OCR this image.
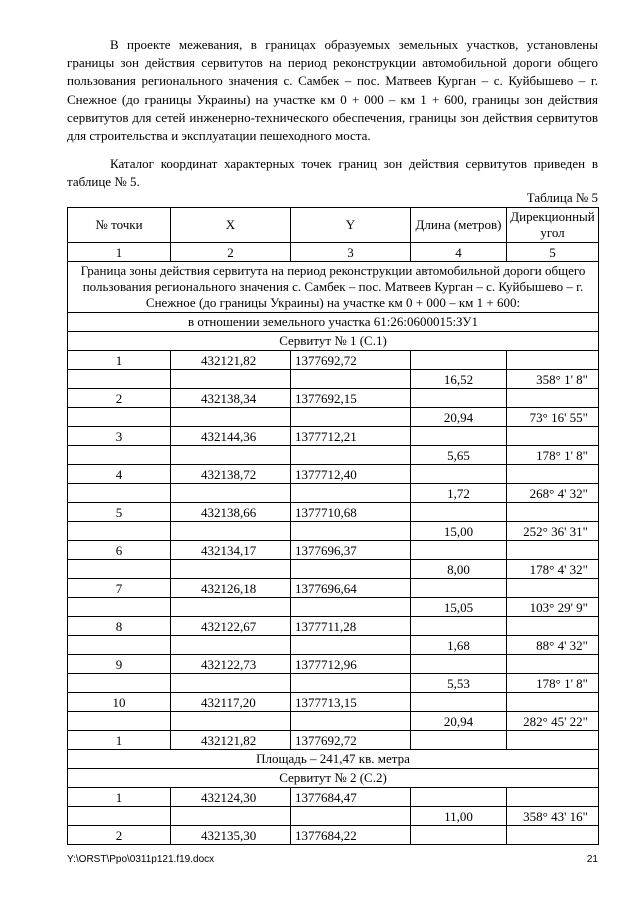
В проекте межевания, в границах образуемых земельных участков, установлены границы зон действия сервитутов на период реконструкции автомобильной дороги общего пользования регионального значения с. Самбек – пос. Матвеев Курган – с. Куйбышево – г. Снежное (до границы Украины) на участке км 0 + 000 – км 1 + 600, границы зон действия сервитутов для сетей инженерно-технического обеспечения, границы зон действия сервитутов для строительства и эксплуатации пешеходного моста.

Каталог координат характерных точек границ зон действия сервитутов приведен в таблице № 5.

Таблица № 5
№ точки	X	Y	Длина (метров)	Дирекционный угол
1	2	3	4	5
Граница зоны действия сервитута на период реконструкции автомобильной дороги общего пользования регионального значения с. Самбек – пос. Матвеев Курган – с. Куйбышево – г. Снежное (до границы Украины) на участке км 0 + 000 – км 1 + 600:				
в отношении земельного участка 61:26:0600015:ЗУ1				
Сервитут № 1 (С.1)				
1	432121,82	1377692,72		
			16,52	358° 1' 8"
2	432138,34	1377692,15		
			20,94	73° 16' 55"
3	432144,36	1377712,21		
			5,65	178° 1' 8"
4	432138,72	1377712,40		
			1,72	268° 4' 32"
5	432138,66	1377710,68		
			15,00	252° 36' 31"
6	432134,17	1377696,37		
			8,00	178° 4' 32"
7	432126,18	1377696,64		
			15,05	103° 29' 9"
8	432122,67	1377711,28		
			1,68	88° 4' 32"
9	432122,73	1377712,96		
			5,53	178° 1' 8"
10	432117,20	1377713,15		
			20,94	282° 45' 22"
1	432121,82	1377692,72		
Площадь – 241,47 кв. метра				
Сервитут № 2 (С.2)				
1	432124,30	1377684,47		
			11,00	358° 43' 16"
2	432135,30	1377684,22		
Y:\ORST\Ppo\0311p121.f19.docx	21
